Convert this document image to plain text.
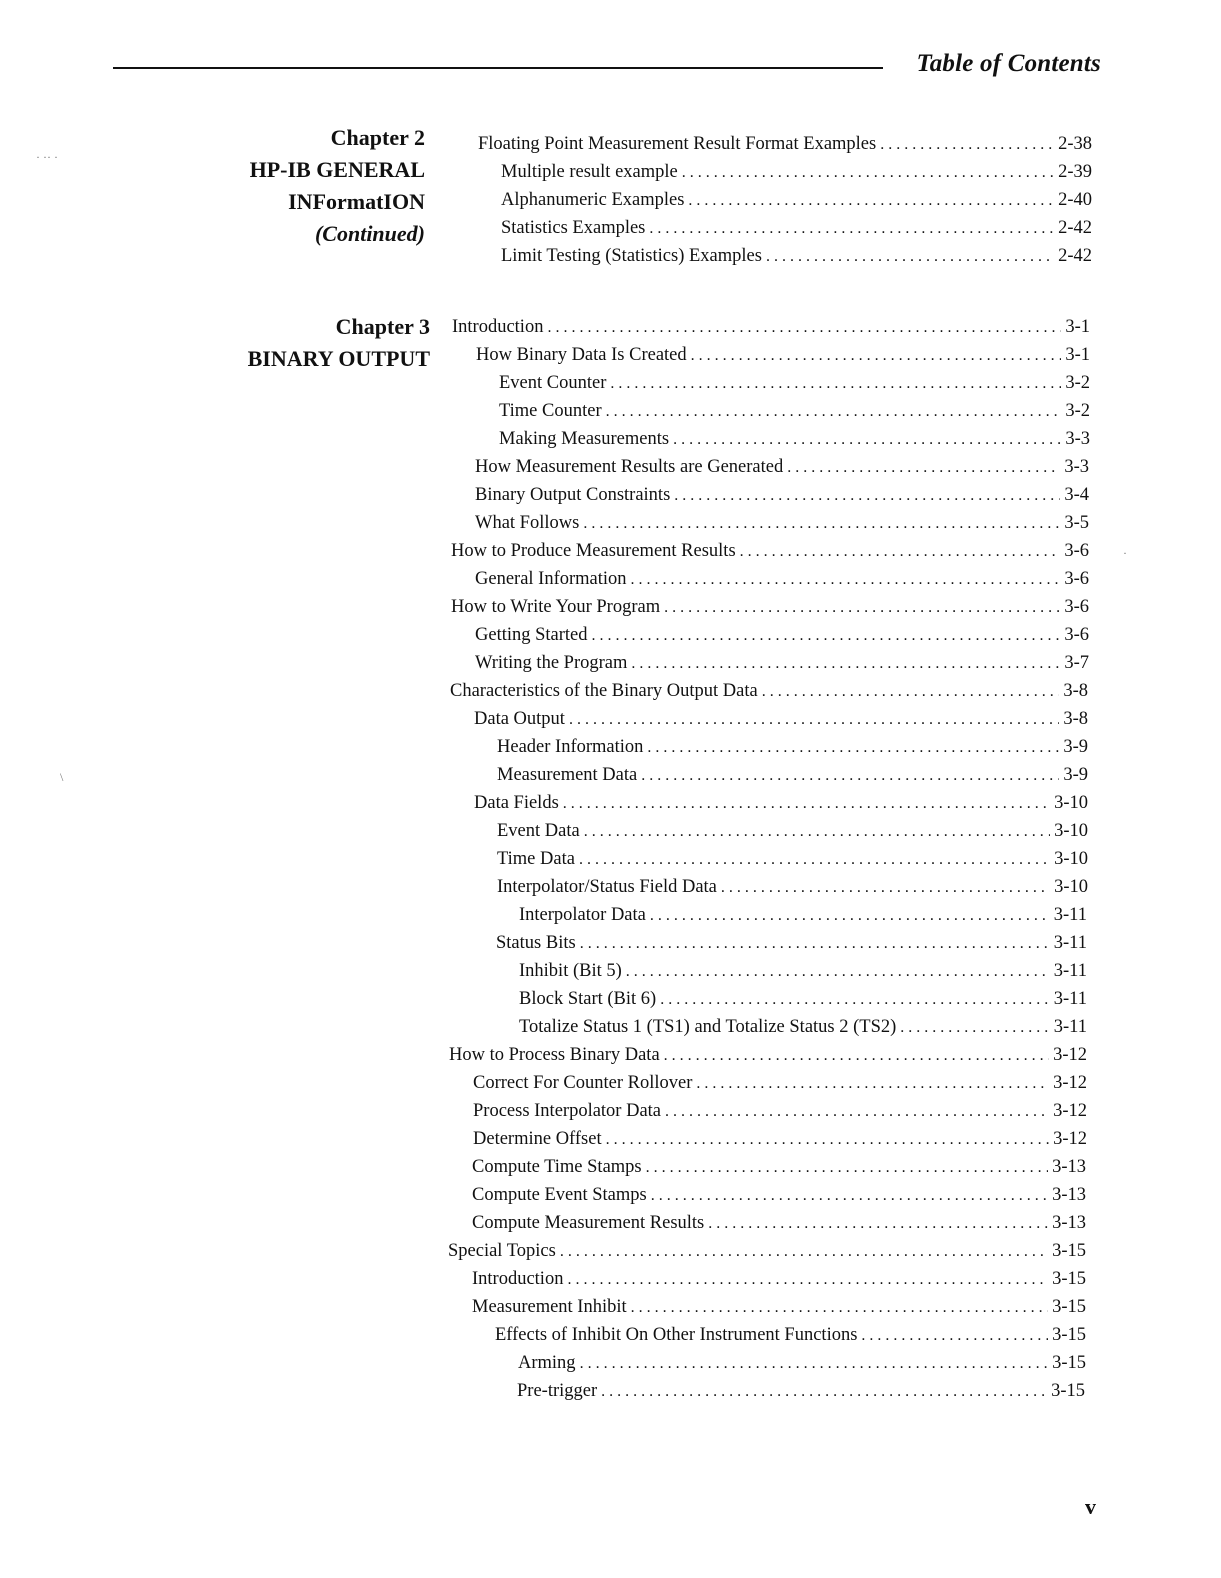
Table of Contents
Chapter 2
HP-IB GENERAL
INFormatION
(Continued)
Chapter 3
BINARY OUTPUT
Floating Point Measurement Result Format Examples . . .	2-38
Multiple result example . . .	2-39
Alphanumeric Examples . . .	2-40
Statistics Examples . . .	2-42
Limit Testing (Statistics) Examples . . .	2-42
Introduction . . .	3-1
How Binary Data Is Created . . .	3-1
Event Counter . . .	3-2
Time Counter . . .	3-2
Making Measurements . . .	3-3
How Measurement Results are Generated . . .	3-3
Binary Output Constraints . . .	3-4
What Follows . . .	3-5
How to Produce Measurement Results . . .	3-6
General Information . . .	3-6
How to Write Your Program . . .	3-6
Getting Started . . .	3-6
Writing the Program . . .	3-7
Characteristics of the Binary Output Data . . .	3-8
Data Output . . .	3-8
Header Information . . .	3-9
Measurement Data . . .	3-9
Data Fields . . .	3-10
Event Data . . .	3-10
Time Data . . .	3-10
Interpolator/Status Field Data . . .	3-10
Interpolator Data . . .	3-11
Status Bits . . .	3-11
Inhibit (Bit 5) . . .	3-11
Block Start (Bit 6) . . .	3-11
Totalize Status 1 (TS1) and Totalize Status 2 (TS2) . . .	3-11
How to Process Binary Data . . .	3-12
Correct For Counter Rollover . . .	3-12
Process Interpolator Data . . .	3-12
Determine Offset . . .	3-12
Compute Time Stamps . . .	3-13
Compute Event Stamps . . .	3-13
Compute Measurement Results . . .	3-13
Special Topics . . .	3-15
Introduction . . .	3-15
Measurement Inhibit . . .	3-15
Effects of Inhibit On Other Instrument Functions . . .	3-15
Arming . . .	3-15
Pre-trigger . . .	3-15
v
· ·· ·
\
·
